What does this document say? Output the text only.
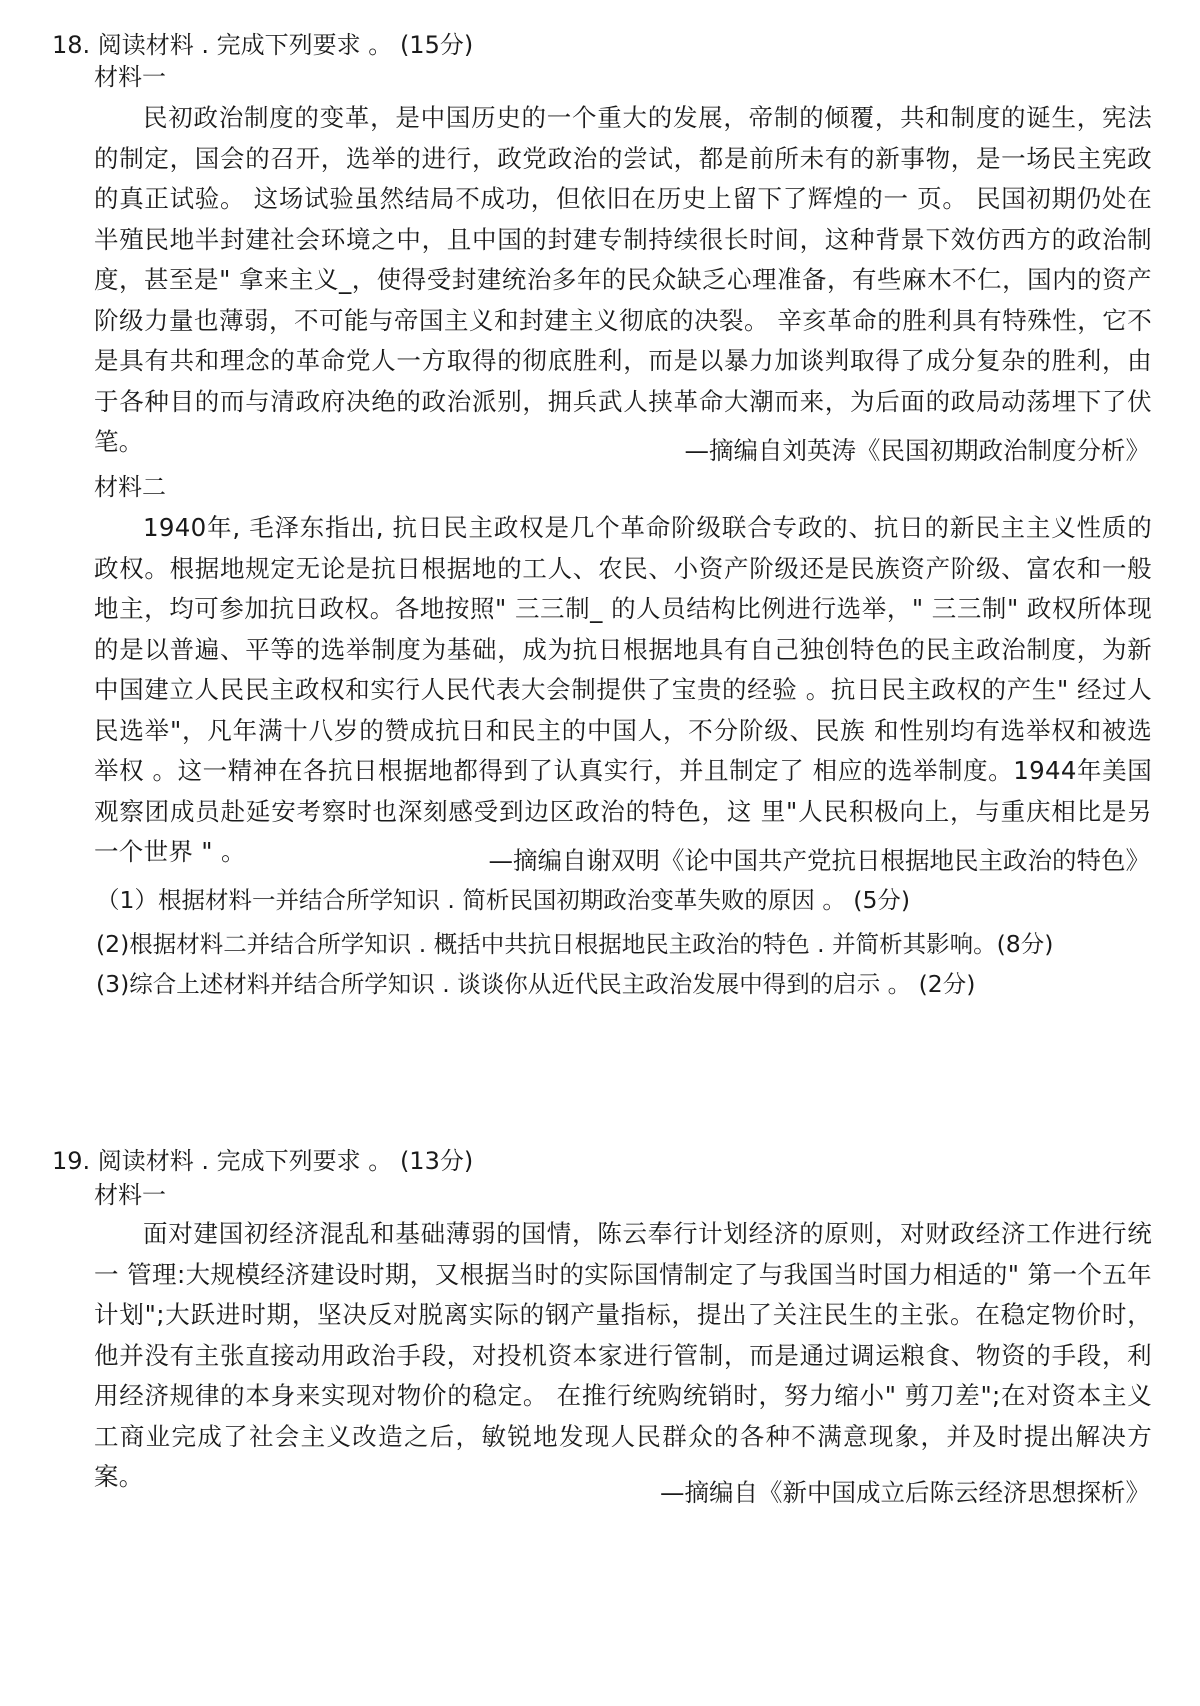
18. 阅读材料 . 完成下列要求 。 (15分)
材料一

民初政治制度的变革，是中国历史的一个重大的发展，帝制的倾覆，共和制度的诞生，宪法的制定，国会的召开，选举的进行，政党政治的尝试，都是前所未有的新事物，是一场民主宪政的真正试验。 这场试验虽然结局不成功，但依旧在历史上留下了辉煌的一 页。 民国初期仍处在半殖民地半封建社会环境之中，且中国的封建专制持续很长时间，这种背景下效仿西方的政治制度，甚至是" 拿来主义_，使得受封建统治多年的民众缺乏心理准备，有些麻木不仁，国内的资产阶级力量也薄弱，不可能与帝国主义和封建主义彻底的决裂。 辛亥革命的胜利具有特殊性，它不是具有共和理念的革命党人一方取得的彻底胜利，而是以暴力加谈判取得了成分复杂的胜利，由于各种目的而与清政府决绝的政治派别，拥兵武人挟革命大潮而来，为后面的政局动荡埋下了伏笔。	—摘编自刘英涛《民国初期政治制度分析》
材料二

1940年, 毛泽东指出, 抗日民主政权是几个革命阶级联合专政的、抗日的新民主主义性质的政权。根据地规定无论是抗日根据地的工人、农民、小资产阶级还是民族资产阶级、富农和一般地主，均可参加抗日政权。各地按照" 三三制_ 的人员结构比例进行选举，" 三三制" 政权所体现的是以普遍、平等的选举制度为基础，成为抗日根据地具有自己独创特色的民主政治制度，为新中国建立人民民主政权和实行人民代表大会制提供了宝贵的经验 。抗日民主政权的产生" 经过人民选举"，凡年满十八岁的赞成抗日和民主的中国人，不分阶级、民族 和性别均有选举权和被选举权 。这一精神在各抗日根据地都得到了认真实行，并且制定了 相应的选举制度。1944年美国观察团成员赴延安考察时也深刻感受到边区政治的特色，这 里"人民积极向上，与重庆相比是另一个世界 " 。	—摘编自谢双明《论中国共产党抗日根据地民主政治的特色》
（1）根据材料一并结合所学知识 . 简析民国初期政治变革失败的原因 。 (5分)
(2)根据材料二并结合所学知识 . 概括中共抗日根据地民主政治的特色 . 并简析其影响。(8分)
(3)综合上述材料并结合所学知识 . 谈谈你从近代民主政治发展中得到的启示 。 (2分)
19. 阅读材料 . 完成下列要求 。 (13分)
材料一

面对建国初经济混乱和基础薄弱的国情，陈云奉行计划经济的原则，对财政经济工作进行统一 管理:大规模经济建设时期，又根据当时的实际国情制定了与我国当时国力相适的" 第一个五年计划";大跃进时期，坚决反对脱离实际的钢产量指标，提出了关注民生的主张。在稳定物价时，他并没有主张直接动用政治手段，对投机资本家进行管制，而是通过调运粮食、物资的手段，利用经济规律的本身来实现对物价的稳定。 在推行统购统销时，努力缩小" 剪刀差";在对资本主义工商业完成了社会主义改造之后，敏锐地发现人民群众的各种不满意现象，并及时提出解决方案。

—摘编自《新中国成立后陈云经济思想探析》
